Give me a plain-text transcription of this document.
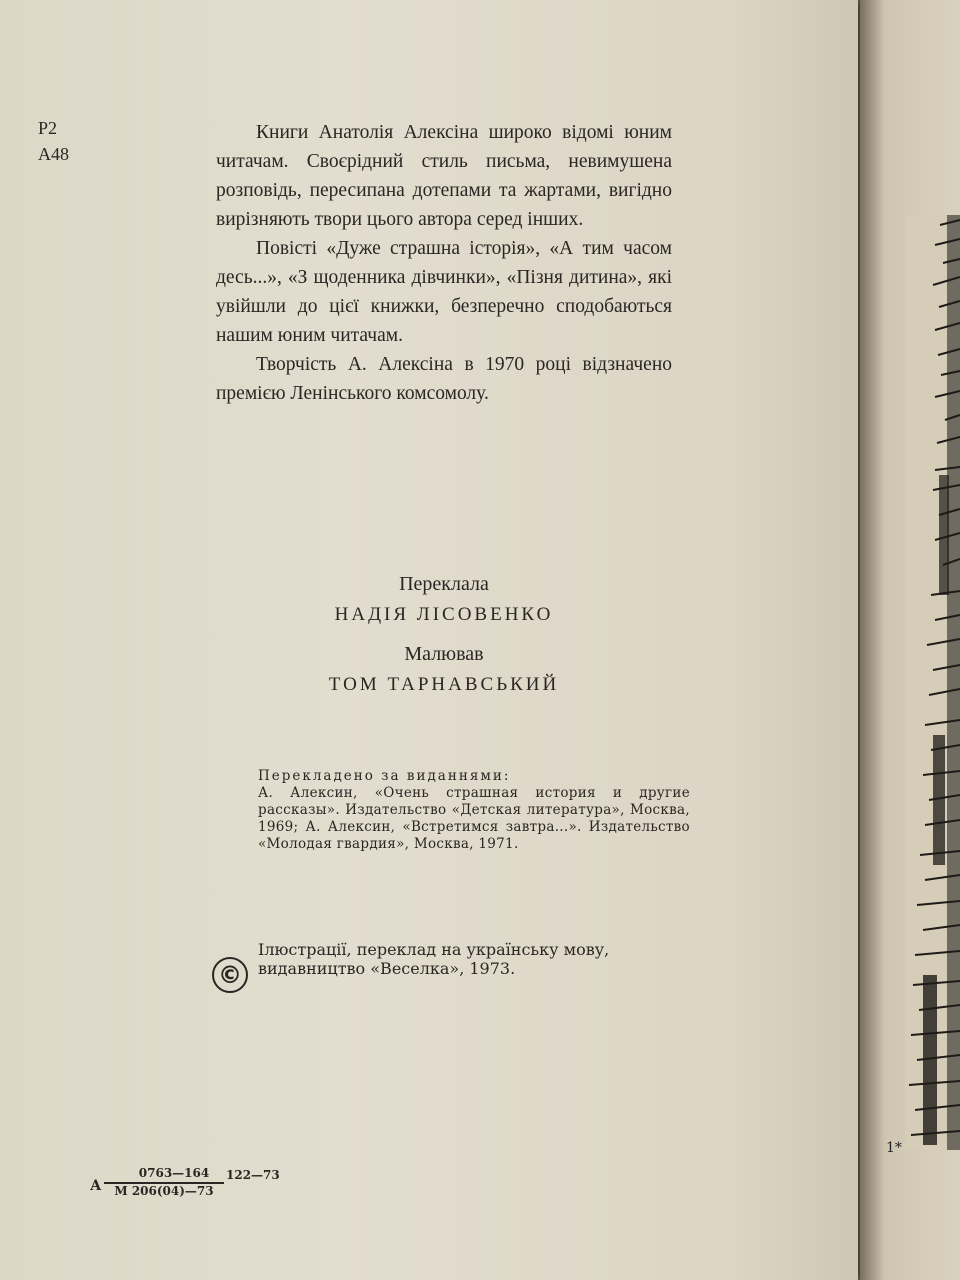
Р2
А48

Книги Анатолія Алексіна широко відомі юним читачам. Своєрідний стиль письма, невимушена розповідь, пересипана дотепами та жартами, вигідно вирізняють твори цього автора серед інших.

Повісті «Дуже страшна історія», «А тим часом десь...», «З щоденника дівчинки», «Пізня дитина», які увійшли до цієї книжки, безперечно сподобаються нашим юним читачам.

Творчість А. Алексіна в 1970 році відзначено премією Ленінського комсомолу.

Переклала
НАДІЯ ЛІСОВЕНКО
Малював
ТОМ ТАРНАВСЬКИЙ
Перекладено за виданнями:
А. Алексин, «Очень страшная история и другие рассказы». Издательство «Детская литература», Москва, 1969; А. Алексин, «Встретимся завтра...». Издательство «Молодая гвардия», Москва, 1971.
©
Ілюстрації, переклад на українську мову, видавництво «Веселка», 1973.
А
0763—164
М 206(04)—73
122—73
1*
